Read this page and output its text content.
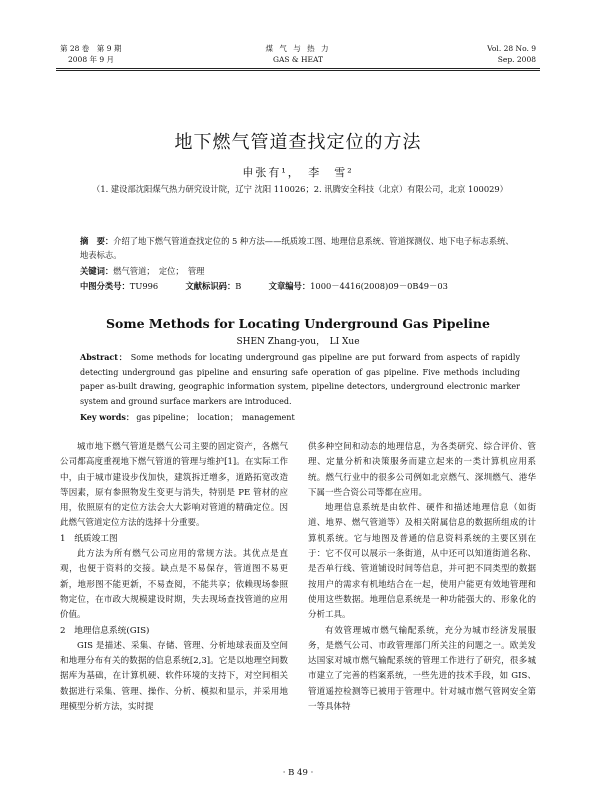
第 28 卷　第 9 期
2008 年 9 月
煤 气 与 热 力
GAS & HEAT
Vol. 28 No. 9
Sep. 2008
地下燃气管道查找定位的方法
申张有¹，　李　雪²
（1. 建设部沈阳煤气热力研究设计院，辽宁 沈阳 110026；2. 讯腾安全科技（北京）有限公司，北京 100029）
摘　要：介绍了地下燃气管道查找定位的 5 种方法——纸质竣工图、地理信息系统、管道探测仪、地下电子标志系统、地表标志。
关键词：燃气管道；　定位；　管理
中图分类号：TU996	文献标识码：B	文章编号：1000－4416(2008)09－0B49－03
Some Methods for Locating Underground Gas Pipeline
SHEN Zhang-you，　LI Xue
Abstract： Some methods for locating underground gas pipeline are put forward from aspects of rapidly detecting underground gas pipeline and ensuring safe operation of gas pipeline. Five methods including paper as-built drawing, geographic information system, pipeline detectors, underground electronic marker system and ground surface markers are introduced.
Key words： gas pipeline；　location；　management

城市地下燃气管道是燃气公司主要的固定资产，各燃气公司都高度重视地下燃气管道的管理与维护[1]。在实际工作中，由于城市建设步伐加快，建筑拆迁增多，道路拓宽改造等因素，原有参照物发生变更与消失，特别是 PE 管材的应用，依照原有的定位方法会大大影响对管道的精确定位。因此燃气管道定位方法的选择十分重要。

1　纸质竣工图

此方法为所有燃气公司应用的常规方法。其优点是直观，也便于资料的交接。缺点是不易保存，管道图不易更新，地形图不能更新，不易查阅，不能共享；依赖现场参照物定位，在市政大规模建设时期，失去现场查找管道的应用价值。

2　地理信息系统(GIS)

GIS 是描述、采集、存储、管理、分析地球表面及空间和地理分布有关的数据的信息系统[2,3]。它是以地理空间数据库为基础，在计算机硬、软件环境的支持下，对空间相关数据进行采集、管理、操作、分析、模拟和显示，并采用地理模型分析方法，实时提

供多种空间和动态的地理信息，为各类研究、综合评价、管理、定量分析和决策服务而建立起来的一类计算机应用系统。燃气行业中的很多公司例如北京燃气、深圳燃气、港华下属一些合资公司等都在应用。

地理信息系统是由软件、硬件和描述地理信息（如街道、地界、燃气管道等）及相关附属信息的数据所组成的计算机系统。它与地图及普通的信息资料系统的主要区别在于：它不仅可以展示一条街道，从中还可以知道街道名称、是否单行线、管道铺设时间等信息，并可把不同类型的数据按用户的需求有机地结合在一起，使用户能更有效地管理和使用这些数据。地理信息系统是一种功能强大的、形象化的分析工具。

有效管理城市燃气输配系统，充分为城市经济发展服务，是燃气公司、市政管理部门所关注的问题之一。欧美发达国家对城市燃气输配系统的管理工作进行了研究，很多城市建立了完善的档案系统，一些先进的技术手段，如 GIS、管道遥控检测等已被用于管理中。针对城市燃气管网安全第一等具体特

· B 49 ·
